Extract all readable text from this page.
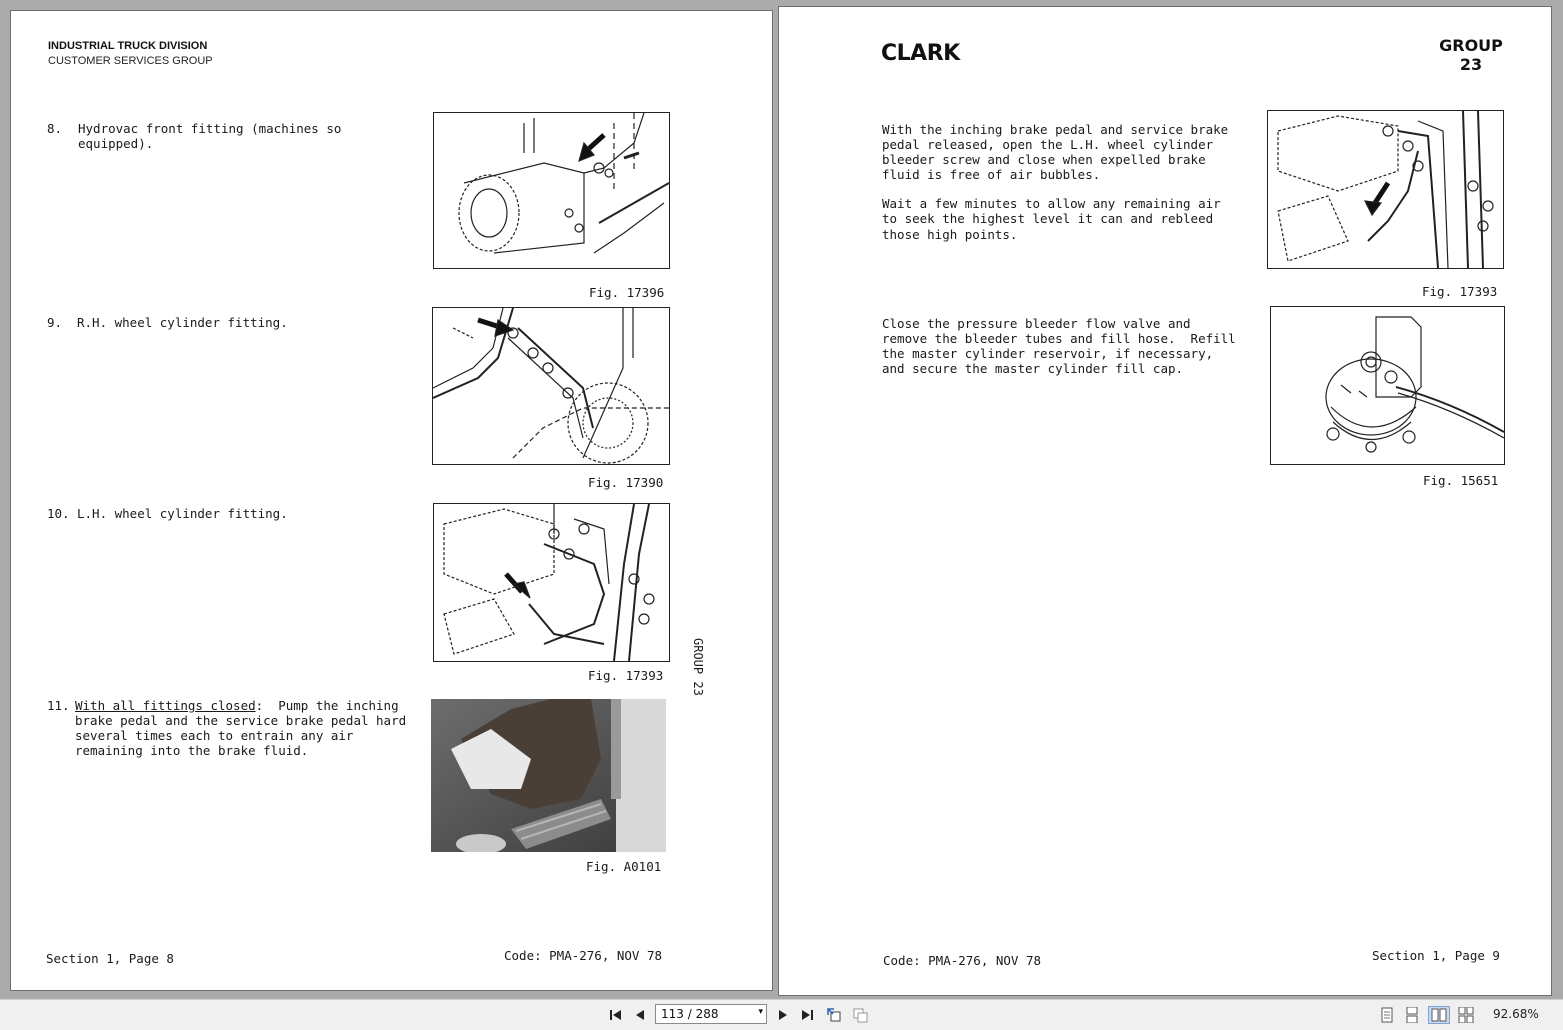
INDUSTRIAL TRUCK DIVISION
CUSTOMER SERVICES GROUP
8. Hydrovac front fitting (machines so
equipped).
Fig. 17396
9. R.H. wheel cylinder fitting.
Fig. 17390
10. L.H. wheel cylinder fitting.
Fig. 17393 GROUP 23
11. With all fittings closed:  Pump the inching
brake pedal and the service brake pedal hard
several times each to entrain any air
remaining into the brake fluid.
Fig. A0101
Section 1, Page 8	Code: PMA-276, NOV 78
CLARK	GROUP
23
With the inching brake pedal and service brake
pedal released, open the L.H. wheel cylinder
bleeder screw and close when expelled brake
fluid is free of air bubbles.
Wait a few minutes to allow any remaining air
to seek the highest level it can and rebleed
those high points.
Fig. 17393
Close the pressure bleeder flow valve and
remove the bleeder tubes and fill hose.  Refill
the master cylinder reservoir, if necessary,
and secure the master cylinder fill cap.
Fig. 15651
Code: PMA-276, NOV 78	Section 1, Page 9
113 / 288	▾	92.68%
